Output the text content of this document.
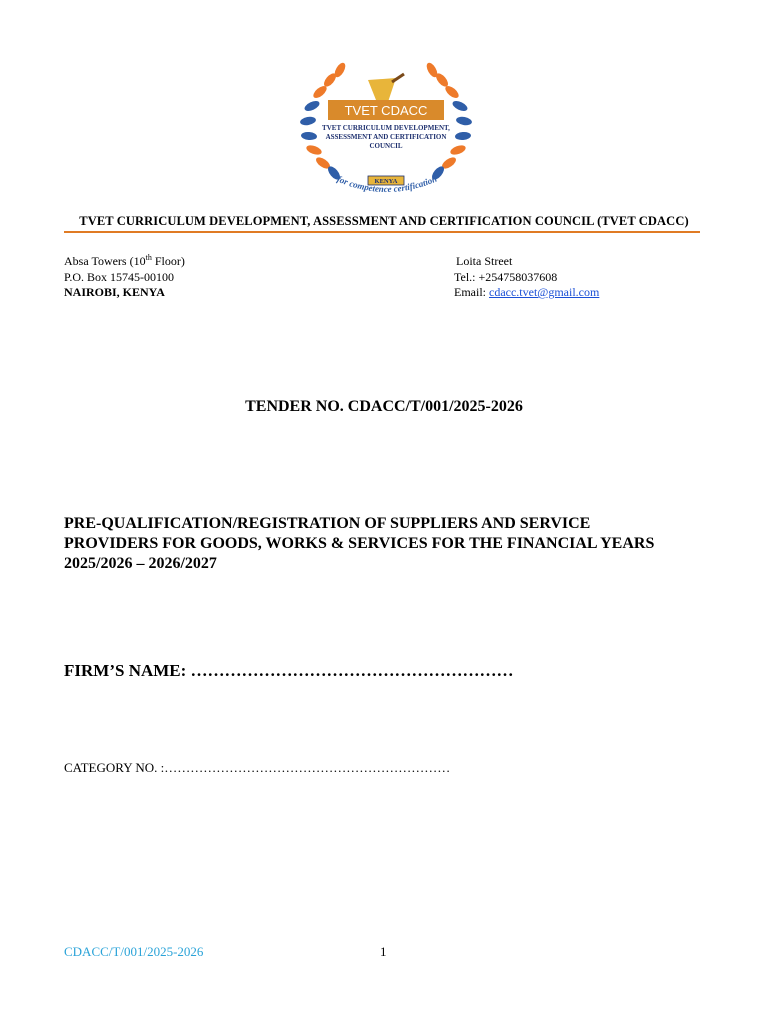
TVET CDACC
TVET CURRICULUM DEVELOPMENT,
ASSESSMENT AND CERTIFICATION
COUNCIL
KENYA
for competence certification
TVET CURRICULUM DEVELOPMENT, ASSESSMENT AND CERTIFICATION COUNCIL (TVET CDACC)
Absa Towers (10th Floor)
P.O. Box 15745-00100
NAIROBI, KENYA
Loita Street
Tel.: +254758037608
Email: cdacc.tvet@gmail.com
TENDER NO. CDACC/T/001/2025-2026
PRE-QUALIFICATION/REGISTRATION OF SUPPLIERS AND SERVICE PROVIDERS FOR GOODS, WORKS & SERVICES FOR THE FINANCIAL YEARS 2025/2026 – 2026/2027
FIRM’S NAME: …………………………………………………
CATEGORY NO. :…………………………………………………………
CDACC/T/001/2025-2026	1
